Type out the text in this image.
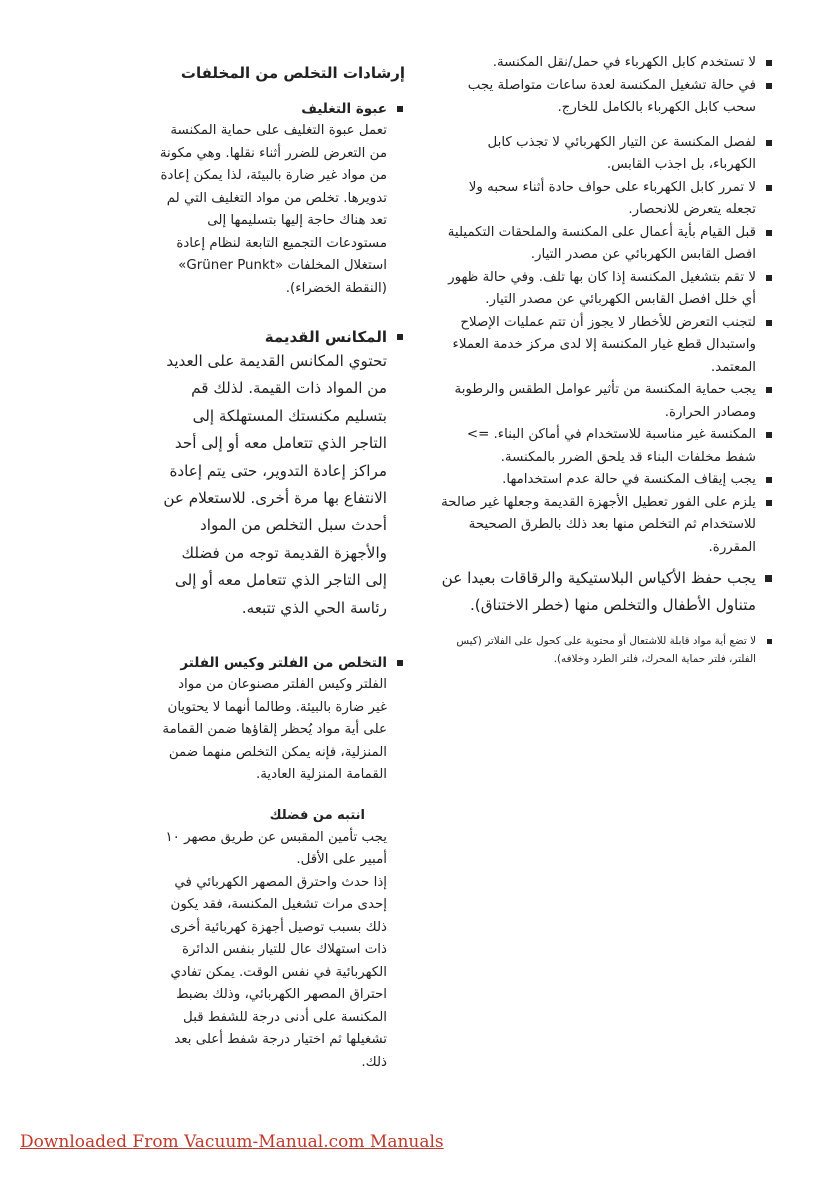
لا تستخدم كابل الكهرباء في حمل/نقل المكنسة.
في حالة تشغيل المكنسة لعدة ساعات متواصلة يجب سحب كابل الكهرباء بالكامل للخارج.
لفصل المكنسة عن التيار الكهربائي لا تجذب كابل الكهرباء، بل اجذب القابس.
لا تمرر كابل الكهرباء على حواف حادة أثناء سحبه ولا تجعله يتعرض للانحصار.
قبل القيام بأية أعمال على المكنسة والملحقات التكميلية افصل القابس الكهربائي عن مصدر التيار.
لا تقم بتشغيل المكنسة إذا كان بها تلف. وفي حالة ظهور أي خلل افصل القابس الكهربائي عن مصدر التيار.
لتجنب التعرض للأخطار لا يجوز أن تتم عمليات الإصلاح واستبدال قطع غيار المكنسة إلا لدى مركز خدمة العملاء المعتمد.
يجب حماية المكنسة من تأثير عوامل الطقس والرطوبة ومصادر الحرارة.
المكنسة غير مناسبة للاستخدام في أماكن البناء. => شفط مخلفات البناء قد يلحق الضرر بالمكنسة.
يجب إيقاف المكنسة في حالة عدم استخدامها.
يلزم على الفور تعطيل الأجهزة القديمة وجعلها غير صالحة للاستخدام ثم التخلص منها بعد ذلك بالطرق الصحيحة المقررة.
يجب حفظ الأكياس البلاستيكية والرقاقات بعيدا عن متناول الأطفال والتخلص منها (خطر الاختناق).
لا تضع أية مواد قابلة للاشتعال أو محتوية على كحول على الفلاتر (كيس الفلتر، فلتر حماية المحرك، فلتر الطرد وخلافه).
إرشادات التخلص من المخلفات
عبوة التغليف
تعمل عبوة التغليف على حماية المكنسة من التعرض للضرر أثناء نقلها. وهي مكونة من مواد غير ضارة بالبيئة، لذا يمكن إعادة تدويرها. تخلص من مواد التغليف التي لم تعد هناك حاجة إليها بتسليمها إلى مستودعات التجميع التابعة لنظام إعادة استغلال المخلفات «Grüner Punkt» (النقطة الخضراء).
المكانس القديمة
تحتوي المكانس القديمة على العديد من المواد ذات القيمة. لذلك قم بتسليم مكنستك المستهلكة إلى التاجر الذي تتعامل معه أو إلى أحد مراكز إعادة التدوير، حتى يتم إعادة الانتفاع بها مرة أخرى. للاستعلام عن أحدث سبل التخلص من المواد والأجهزة القديمة توجه من فضلك إلى التاجر الذي تتعامل معه أو إلى رئاسة الحي الذي تتبعه.
التخلص من الفلتر وكيس الفلتر
الفلتر وكيس الفلتر مصنوعان من مواد غير ضارة بالبيئة. وطالما أنهما لا يحتويان على أية مواد يُحظر إلقاؤها ضمن القمامة المنزلية، فإنه يمكن التخلص منهما ضمن القمامة المنزلية العادية.
انتبه من فضلك
يجب تأمين المقبس عن طريق مصهر ١٠ أمبير على الأقل.
إذا حدث واحترق المصهر الكهربائي في إحدى مرات تشغيل المكنسة، فقد يكون ذلك بسبب توصيل أجهزة كهربائية أخرى ذات استهلاك عال للتيار بنفس الدائرة الكهربائية في نفس الوقت. يمكن تفادي احتراق المصهر الكهربائي، وذلك بضبط المكنسة على أدنى درجة للشفط قبل تشغيلها ثم اختيار درجة شفط أعلى بعد ذلك.
Downloaded From Vacuum-Manual.com Manuals
